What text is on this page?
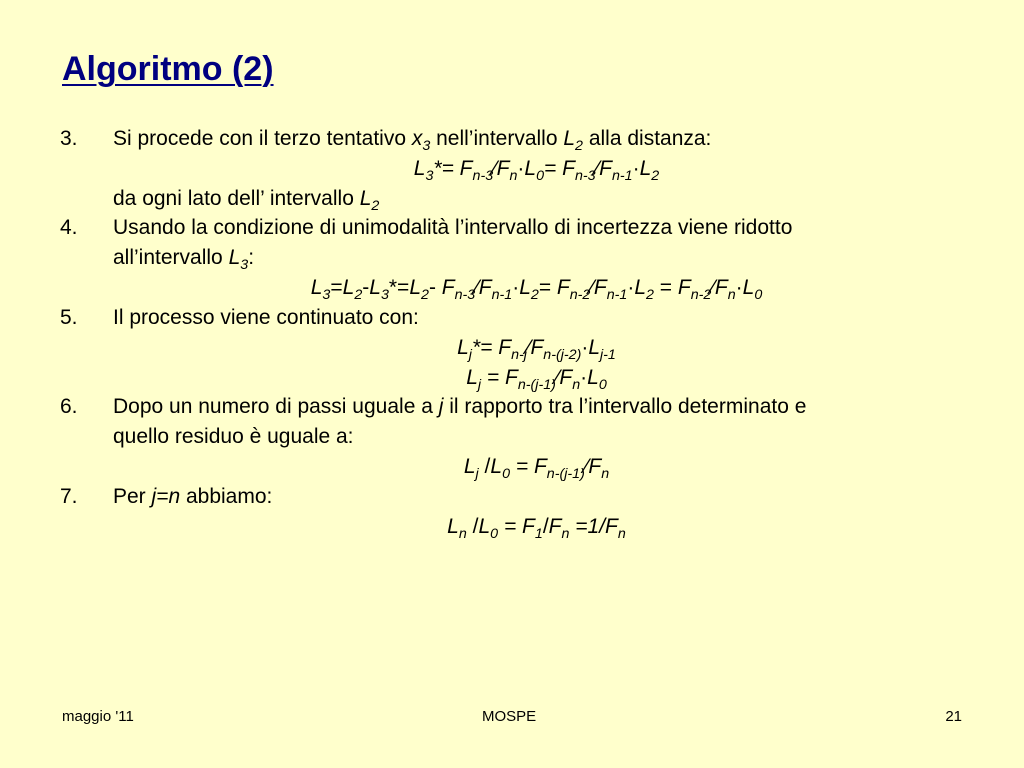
Algoritmo (2)
3.	Si procede con il terzo tentativo $x_3$ nell’intervallo $L_2$ alla distanza:
$L_3*=$ $F_{n-3}⁄F_n\cdot L_0=$ $F_{n-3}⁄F_{n-1}\cdot L_2$
da ogni lato dell’ intervallo $L_2$
4.	Usando la condizione di unimodalità l’intervallo di incertezza viene ridotto
all’intervallo $L_3$:
$L_3=L_2-L_3*=L_2-$ $F_{n-3}⁄F_{n-1}\cdot L_2=$ $F_{n-2}⁄F_{n-1}\cdot L_2$ = $F_{n-2}⁄F_n\cdot L_0$
5.	Il processo viene continuato con:
$L_j*=$ $F_{n-j}⁄F_{n-(j-2)}\cdot L_{j-1}$
$L_j$ = $F_{n-(j-1)}⁄F_n\cdot L_0$
6.	Dopo un numero di passi uguale a j il rapporto tra l’intervallo determinato e
quello residuo è uguale a:
$L_j$ $/L_0$ = $F_{n-(j-1)}⁄F_n$
7.	Per j=n abbiamo:
$L_n$ $/L_0 = F_1/F_n =1/F_n$
maggio '11	MOSPE	21
